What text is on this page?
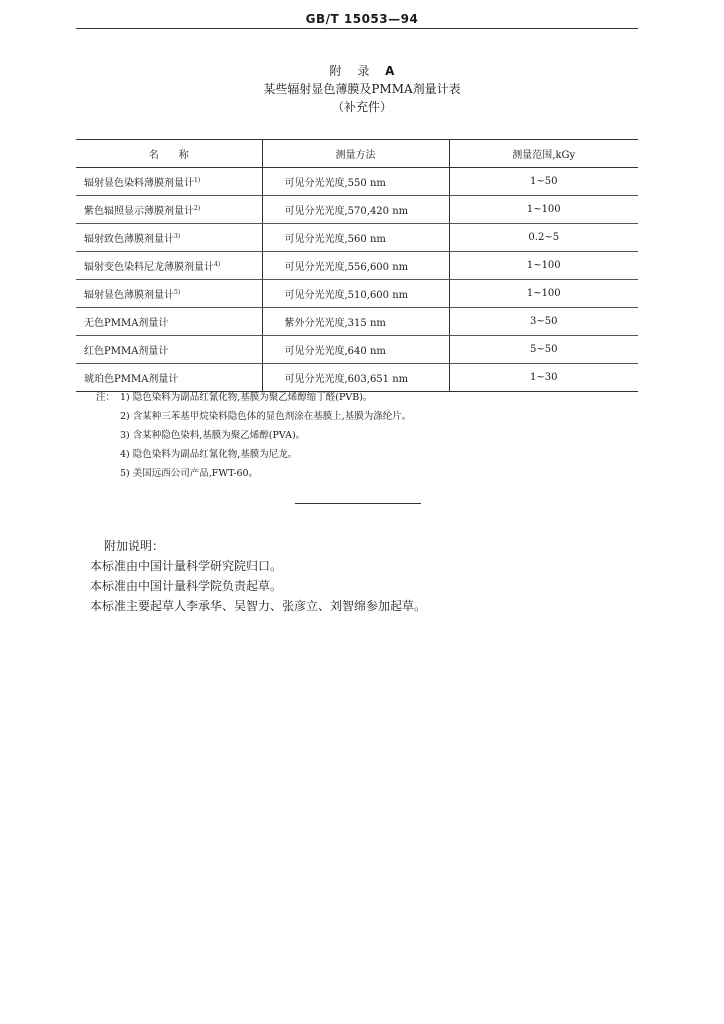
GB/T 15053—94
附 录 A
某些辐射显色薄膜及PMMA剂量计表
（补充件）
名　　称	测量方法	测量范围,kGy
辐射显色染料薄膜剂量计$^{1)}$	可见分光光度,550 nm	1~50
紫色辐照显示薄膜剂量计$^{2)}$	可见分光光度,570,420 nm	1~100
辐射致色薄膜剂量计$^{3)}$	可见分光光度,560 nm	0.2~5
辐射变色染料尼龙薄膜剂量计$^{4)}$	可见分光光度,556,600 nm	1~100
辐射显色薄膜剂量计$^{5)}$	可见分光光度,510,600 nm	1~100
无色PMMA剂量计	紫外分光光度,315 nm	3~50
红色PMMA剂量计	可见分光光度,640 nm	5~50
琥珀色PMMA剂量计	可见分光光度,603,651 nm	1~30
注： 1) 隐色染料为副品红氰化物,基膜为聚乙烯醇缩丁醛(PVB)。
2) 含某种三苯基甲烷染料隐色体的显色剂涂在基膜上,基膜为涤纶片。
3) 含某种隐色染料,基膜为聚乙烯醇(PVA)。
4) 隐色染料为副品红氰化物,基膜为尼龙。
5) 美国远西公司产品,FWT-60。
附加说明：
本标准由中国计量科学研究院归口。
本标准由中国计量科学院负责起草。
本标准主要起草人李承华、吴智力、张彦立、刘智绵参加起草。
